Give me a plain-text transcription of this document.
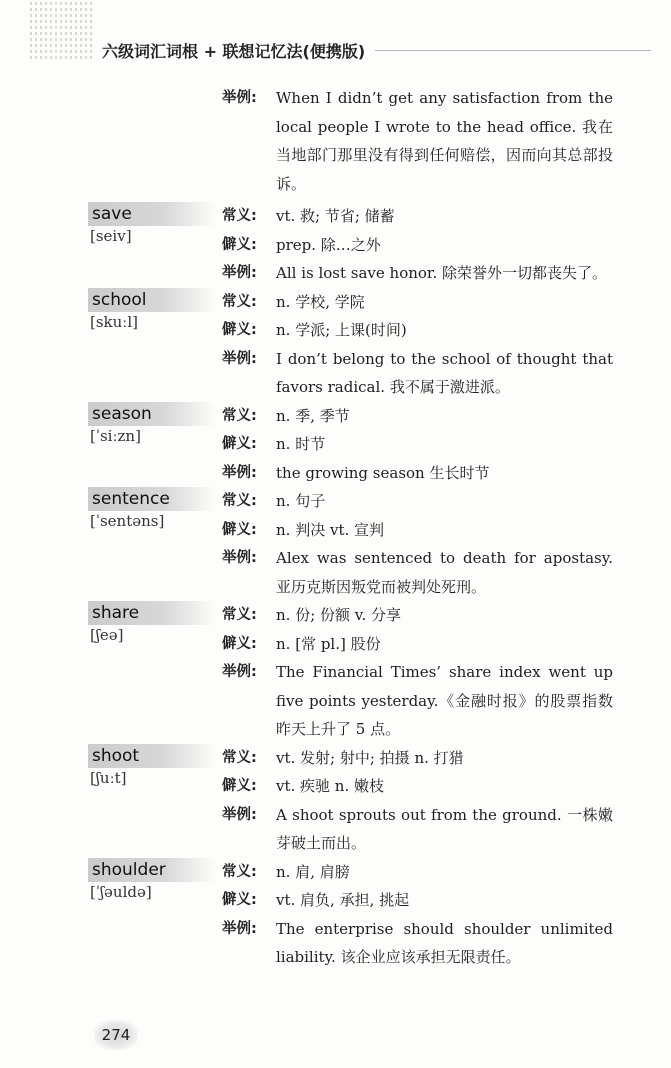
六级词汇词根 + 联想记忆法(便携版)
举例:	When I didn’t get any satisfaction from the local people I wrote to the head office. 我在当地部门那里没有得到任何赔偿，因而向其总部投诉。
save
[seiv]
常义:	vt. 救; 节省; 储蓄
僻义:	prep. 除…之外
举例:	All is lost save honor. 除荣誉外一切都丧失了。
school
[skuːl]
常义:	n. 学校, 学院
僻义:	n. 学派; 上课(时间)
举例:	I don’t belong to the school of thought that favors radical. 我不属于激进派。
season
[ˈsiːzn]
常义:	n. 季, 季节
僻义:	n. 时节
举例:	the growing season 生长时节
sentence
[ˈsentəns]
常义:	n. 句子
僻义:	n. 判决 vt. 宣判
举例:	Alex was sentenced to death for apostasy. 亚历克斯因叛党而被判处死刑。
share
[ʃeə]
常义:	n. 份; 份额 v. 分享
僻义:	n. [常 pl.] 股份
举例:	The Financial Times’ share index went up five points yesterday.《金融时报》的股票指数昨天上升了 5 点。
shoot
[ʃuːt]
常义:	vt. 发射; 射中; 拍摄 n. 打猎
僻义:	vt. 疾驰 n. 嫩枝
举例:	A shoot sprouts out from the ground. 一株嫩芽破土而出。
shoulder
[ˈʃəuldə]
常义:	n. 肩, 肩膀
僻义:	vt. 肩负, 承担, 挑起
举例:	The enterprise should shoulder unlimited liability. 该企业应该承担无限责任。
274
